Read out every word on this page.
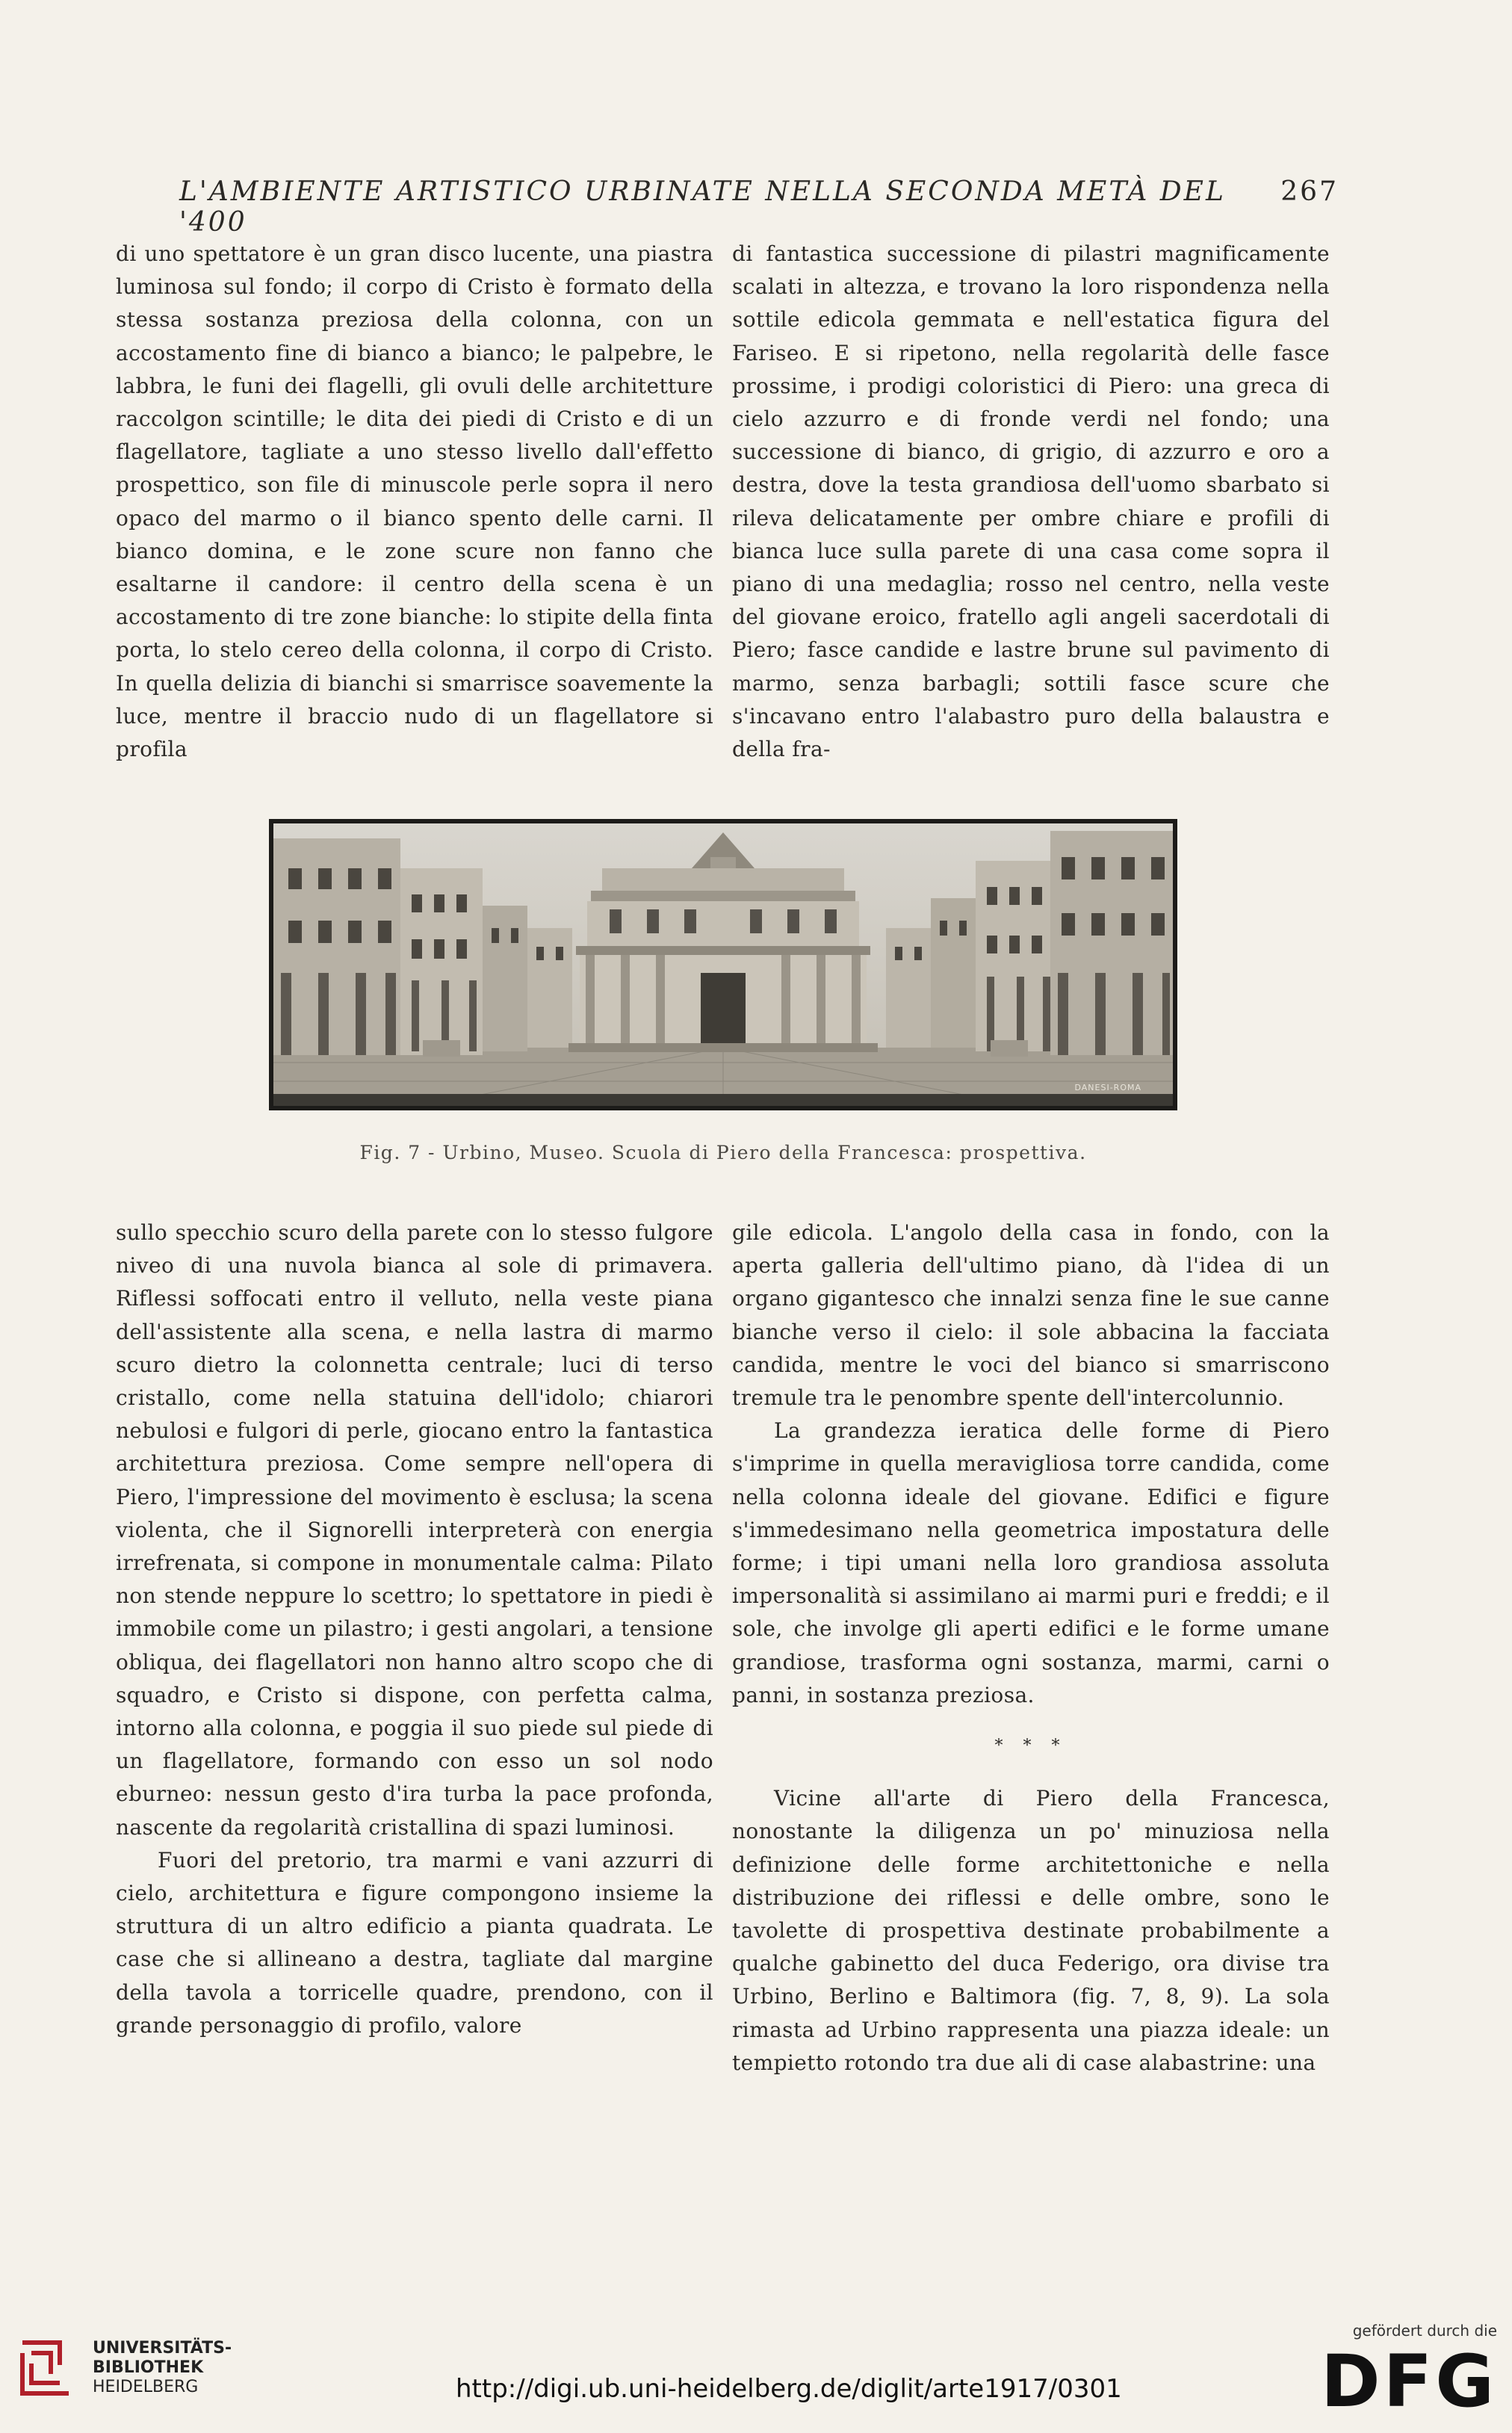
L'AMBIENTE ARTISTICO URBINATE NELLA SECONDA METÀ DEL '400
267

di uno spettatore è un gran disco lucente, una piastra luminosa sul fondo; il corpo di Cristo è formato della stessa sostanza preziosa della colonna, con un accostamento fine di bianco a bianco; le palpebre, le labbra, le funi dei flagelli, gli ovuli delle architetture raccolgon scintille; le dita dei piedi di Cristo e di un flagellatore, tagliate a uno stesso livello dall'effetto prospettico, son file di minuscole perle sopra il nero opaco del marmo o il bianco spento delle carni. Il bianco domina, e le zone scure non fanno che esaltarne il candore: il centro della scena è un accostamento di tre zone bianche: lo stipite della finta porta, lo stelo cereo della colonna, il corpo di Cristo. In quella delizia di bianchi si smarrisce soavemente la luce, mentre il braccio nudo di un flagellatore si profila

di fantastica successione di pilastri magnificamente scalati in altezza, e trovano la loro rispondenza nella sottile edicola gemmata e nell'estatica figura del Fariseo. E si ripetono, nella regolarità delle fasce prossime, i prodigi coloristici di Piero: una greca di cielo azzurro e di fronde verdi nel fondo; una successione di bianco, di grigio, di azzurro e oro a destra, dove la testa grandiosa dell'uomo sbarbato si rileva delicatamente per ombre chiare e profili di bianca luce sulla parete di una casa come sopra il piano di una medaglia; rosso nel centro, nella veste del giovane eroico, fratello agli angeli sacerdotali di Piero; fasce candide e lastre brune sul pavimento di marmo, senza barbagli; sottili fasce scure che s'incavano entro l'alabastro puro della balaustra e della fra-

DANESI-ROMA
Fig. 7 - Urbino, Museo. Scuola di Piero della Francesca: prospettiva.

sullo specchio scuro della parete con lo stesso fulgore niveo di una nuvola bianca al sole di primavera. Riflessi soffocati entro il velluto, nella veste piana dell'assistente alla scena, e nella lastra di marmo scuro dietro la colonnetta centrale; luci di terso cristallo, come nella statuina dell'idolo; chiarori nebulosi e fulgori di perle, giocano entro la fantastica architettura preziosa. Come sempre nell'opera di Piero, l'impressione del movimento è esclusa; la scena violenta, che il Signorelli interpreterà con energia irrefrenata, si compone in monumentale calma: Pilato non stende neppure lo scettro; lo spettatore in piedi è immobile come un pilastro; i gesti angolari, a tensione obliqua, dei flagellatori non hanno altro scopo che di squadro, e Cristo si dispone, con perfetta calma, intorno alla colonna, e poggia il suo piede sul piede di un flagellatore, formando con esso un sol nodo eburneo: nessun gesto d'ira turba la pace profonda, nascente da regolarità cristallina di spazi luminosi.

Fuori del pretorio, tra marmi e vani azzurri di cielo, architettura e figure compongono insieme la struttura di un altro edificio a pianta quadrata. Le case che si allineano a destra, tagliate dal margine della tavola a torricelle quadre, prendono, con il grande personaggio di profilo, valore

gile edicola. L'angolo della casa in fondo, con la aperta galleria dell'ultimo piano, dà l'idea di un organo gigantesco che innalzi senza fine le sue canne bianche verso il cielo: il sole abbacina la facciata candida, mentre le voci del bianco si smarriscono tremule tra le penombre spente dell'intercolunnio.

La grandezza ieratica delle forme di Piero s'imprime in quella meravigliosa torre candida, come nella colonna ideale del giovane. Edifici e figure s'immedesimano nella geometrica impostatura delle forme; i tipi umani nella loro grandiosa assoluta impersonalità si assimilano ai marmi puri e freddi; e il sole, che involge gli aperti edifici e le forme umane grandiose, trasforma ogni sostanza, marmi, carni o panni, in sostanza preziosa.

* * *

Vicine all'arte di Piero della Francesca, nonostante la diligenza un po' minuziosa nella definizione delle forme architettoniche e nella distribuzione dei riflessi e delle ombre, sono le tavolette di prospettiva destinate probabilmente a qualche gabinetto del duca Federigo, ora divise tra Urbino, Berlino e Baltimora (fig. 7, 8, 9). La sola rimasta ad Urbino rappresenta una piazza ideale: un tempietto rotondo tra due ali di case alabastrine: una

UNIVERSITÄTS-
BIBLIOTHEK
HEIDELBERG	http://digi.ub.uni-heidelberg.de/diglit/arte1917/0301
gefördert durch die
DFG
